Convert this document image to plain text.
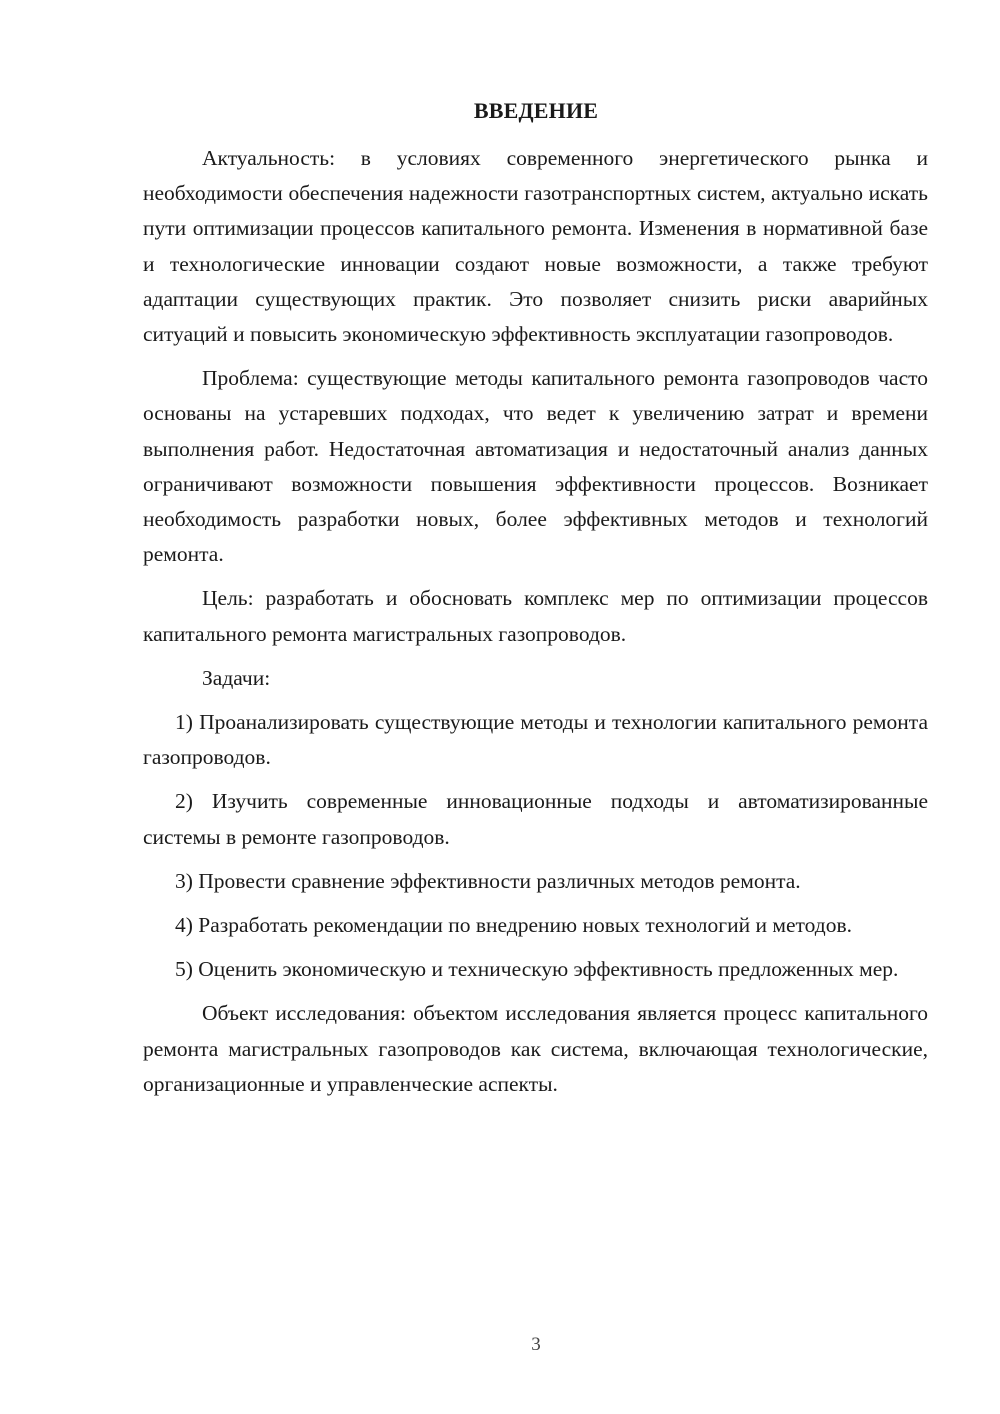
ВВЕДЕНИЕ

Актуальность: в условиях современного энергетического рынка и необходимости обеспечения надежности газотранспортных систем, актуально искать пути оптимизации процессов капитального ремонта. Изменения в нормативной базе и технологические инновации создают новые возможности, а также требуют адаптации существующих практик. Это позволяет снизить риски аварийных ситуаций и повысить экономическую эффективность эксплуатации газопроводов.

Проблема: существующие методы капитального ремонта газопроводов часто основаны на устаревших подходах, что ведет к увеличению затрат и времени выполнения работ. Недостаточная автоматизация и недостаточный анализ данных ограничивают возможности повышения эффективности процессов. Возникает необходимость разработки новых, более эффективных методов и технологий ремонта.

Цель: разработать и обосновать комплекс мер по оптимизации процессов капитального ремонта магистральных газопроводов.

Задачи:

1) Проанализировать существующие методы и технологии капитального ремонта газопроводов.

2) Изучить современные инновационные подходы и автоматизированные системы в ремонте газопроводов.

3) Провести сравнение эффективности различных методов ремонта.

4) Разработать рекомендации по внедрению новых технологий и методов.

5) Оценить экономическую и техническую эффективность предложенных мер.

Объект исследования: объектом исследования является процесс капитального ремонта магистральных газопроводов как система, включающая технологические, организационные и управленческие аспекты.

3
